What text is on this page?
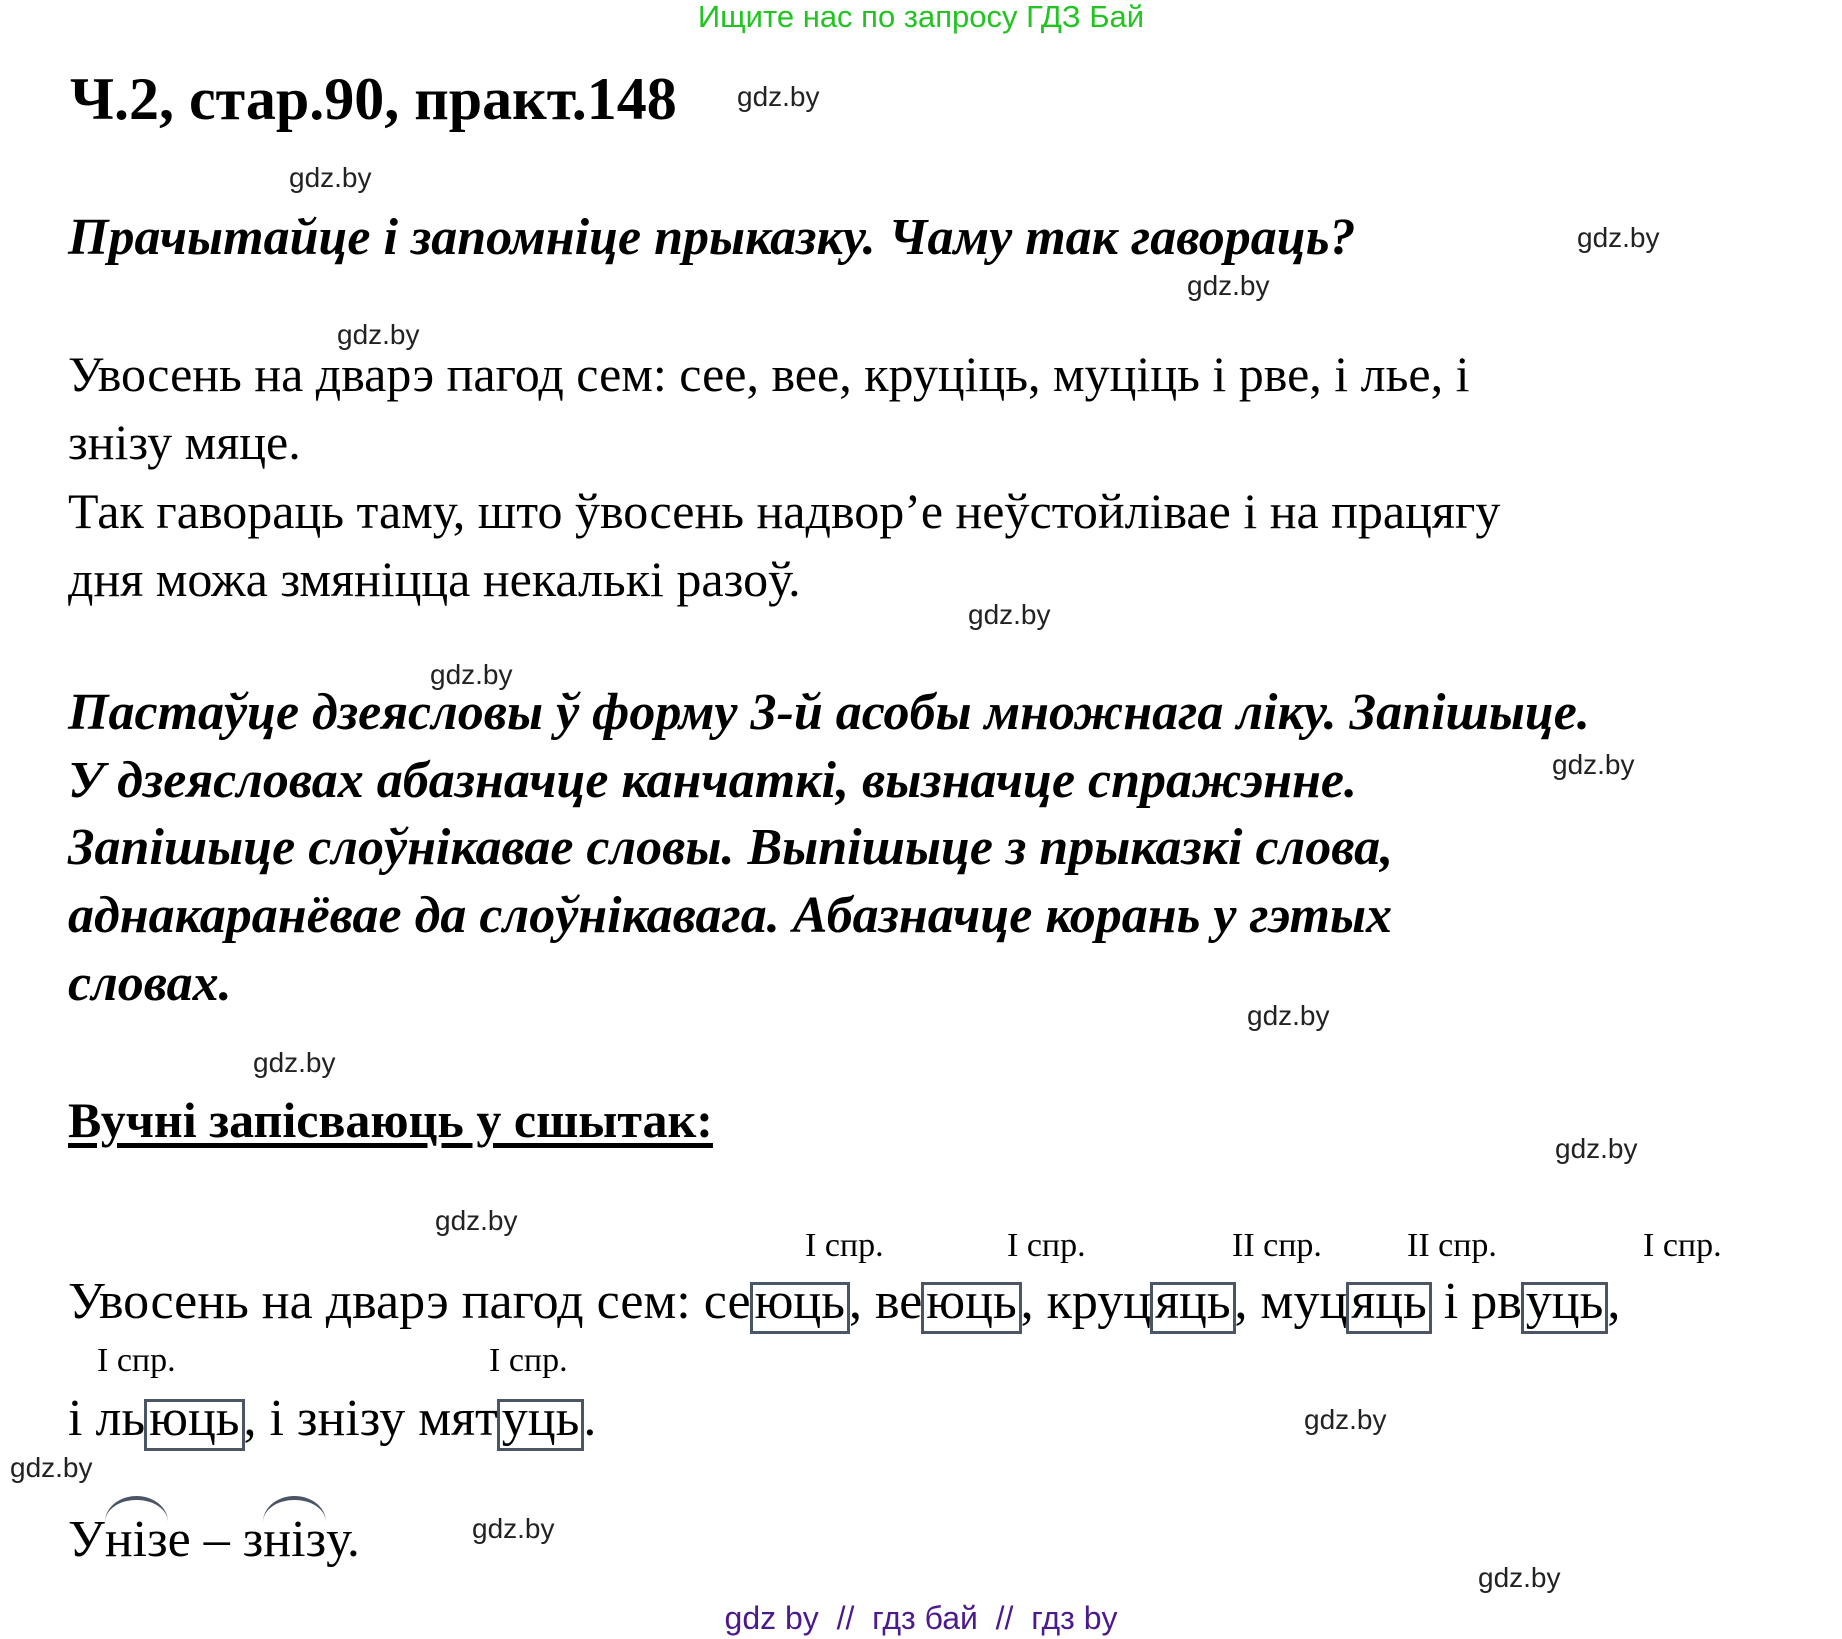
Ищите нас по запросу ГДЗ Бай
Ч.2, стар.90, практ.148 gdz.by
gdz.by
gdz.by
gdz.by
gdz.by
gdz.by
gdz.by
gdz.by
gdz.by
gdz.by
gdz.by
gdz.by
gdz.by
gdz.by
gdz.by
gdz.by
Прачытайце і запомніце прыказку. Чаму так гавораць?
Увосень на дварэ пагод сем: сее, вее, круціць, муціць і рве, і лье, і
знізу мяце.
Так гавораць таму, што ўвосень надвор’е неўстойлівае і на працягу
дня можа змяніцца некалькі разоў.
Пастаўце дзеясловы ў форму 3-й асобы множнага ліку. Запішыце.
У дзеясловах абазначце канчаткі, вызначце спражэнне.
Запішыце слоўнікавае словы. Выпішыце з прыказкі слова,
аднакаранёвае да слоўнікавага. Абазначце корань у гэтых
словах.
Вучні запісваюць у сшытак:
I спр.	I спр.	II спр.	II спр.	I спр.
Увосень на дварэ пагод сем: сеюць, веюць, круцяць, муцяць і рвуць,
I спр.	I спр.
і льюць, і знізу мятуць.
У
нізе – з
нізу.
gdz by  //  гдз бай  //  гдз by
